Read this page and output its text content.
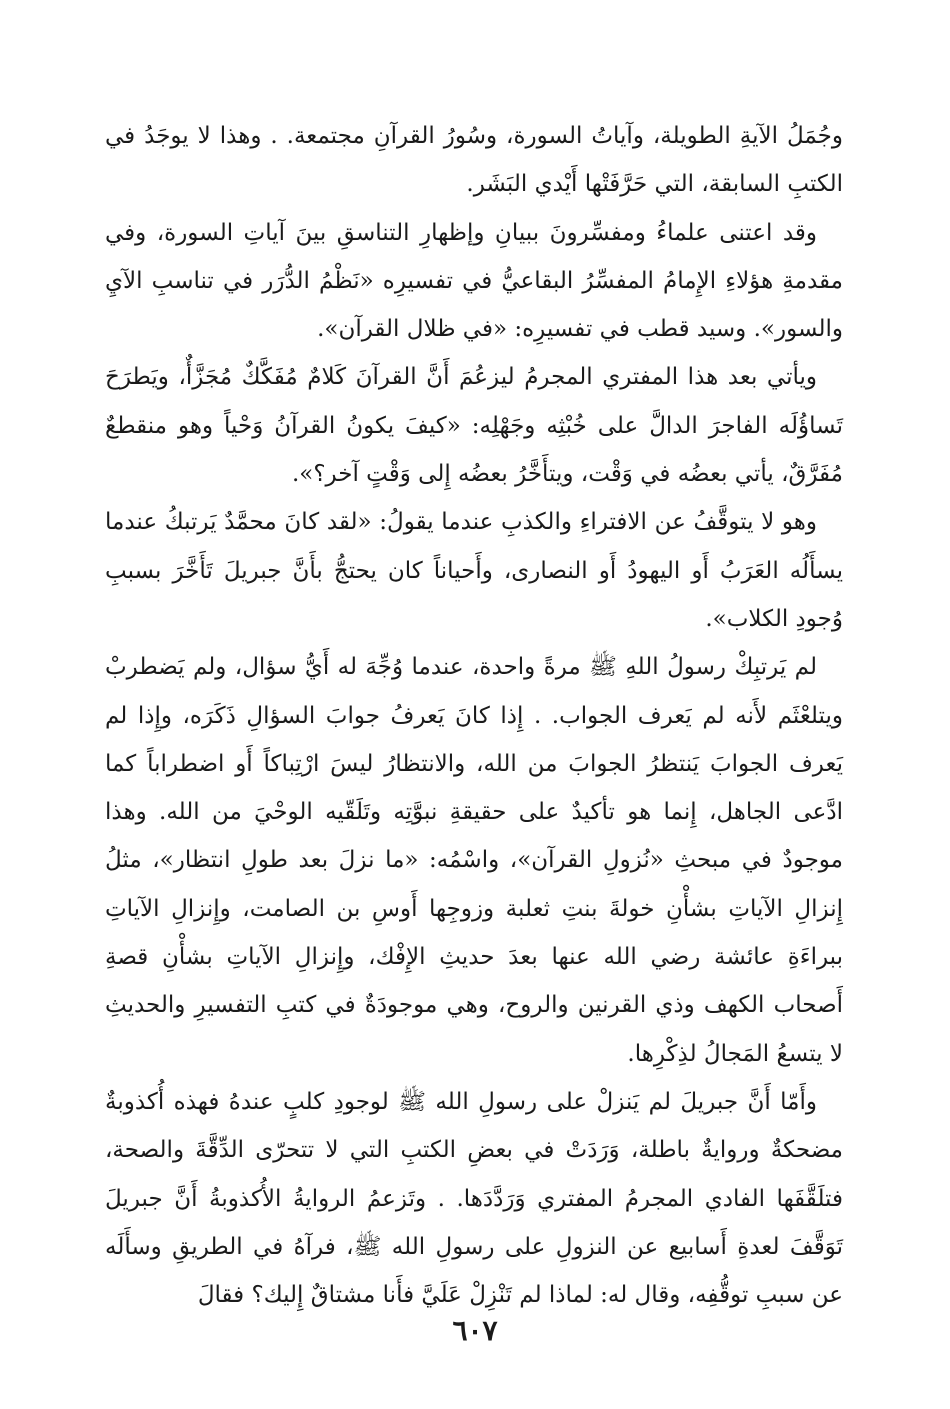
وجُمَلُ الآيةِ الطويلة، وآياتُ السورة، وسُورُ القرآنِ مجتمعة. . وهذا لا يوجَدُ في الكتبِ السابقة، التي حَرَّفَتْها أَيْدي البَشَر.

وقد اعتنى علماءُ ومفسِّرونَ ببيانِ وإظهارِ التناسقِ بينَ آياتِ السورة، وفي مقدمةِ هؤلاءِ الإِمامُ المفسِّرُ البقاعيُّ في تفسيرِه «نَظْمُ الدُّرَر في تناسبِ الآيِ والسور». وسيد قطب في تفسيرِه: «في ظلال القرآن».

ويأتي بعد هذا المفتري المجرمُ ليزعُمَ أَنَّ القرآنَ كَلامٌ مُفَكَّكٌ مُجَزَّأٌ، ويَطرَحَ تَساؤُلَه الفاجرَ الدالَّ على خُبْثِه وجَهْلِه: «كيفَ يكونُ القرآنُ وَحْياً وهو منقطعٌ مُفَرَّقٌ، يأتي بعضُه في وَقْت، ويتأَخَّرُ بعضُه إِلى وَقْتٍ آخر؟».

وهو لا يتوقَّفُ عن الافتراءِ والكذبِ عندما يقولُ: «لقد كانَ محمَّدٌ يَرتبكُ عندما يسأَلُه العَرَبُ أَو اليهودُ أَو النصارى، وأَحياناً كان يحتجُّ بأَنَّ جبريلَ تَأَخَّرَ بسببِ وُجودِ الكلاب».

لم يَرتبِكْ رسولُ اللهِ ﷺ مرةً واحدة، عندما وُجِّهَ له أَيُّ سؤال، ولم يَضطربْ ويتلعْثَم لأَنه لم يَعرف الجواب. . إِذا كانَ يَعرفُ جوابَ السؤالِ ذَكَرَه، وإِذا لم يَعرف الجوابَ يَنتظرُ الجوابَ من الله، والانتظارُ ليسَ ارْتِباكاً أَو اضطراباً كما ادَّعى الجاهل، إِنما هو تأكيدٌ على حقيقةِ نبوَّتِه وتَلَقّيه الوحْيَ من الله. وهذا موجودٌ في مبحثِ «نُزولِ القرآن»، واسْمُه: «ما نزلَ بعد طولِ انتظار»، مثلُ إِنزالِ الآياتِ بشأْنِ خولةَ بنتِ ثعلبة وزوجِها أَوسِ بن الصامت، وإِنزالِ الآياتِ ببراءَةِ عائشة رضي الله عنها بعدَ حديثِ الإِفْك، وإِنزالِ الآياتِ بشأْنِ قصةِ أَصحاب الكهف وذي القرنين والروح، وهي موجودَةٌ في كتبِ التفسيرِ والحديثِ لا يتسعُ المَجالُ لذِكْرِها.

وأَمّا أَنَّ جبريلَ لم يَنزلْ على رسولِ الله ﷺ لوجودِ كلبٍ عندهُ فهذه أُكذوبةٌ مضحكةٌ وروايةٌ باطلة، وَرَدَتْ في بعضِ الكتبِ التي لا تتحرّى الدِّقَّةَ والصحة، فتلَقَّفَها الفادي المجرمُ المفتري وَرَدَّدَها. . وتَزعمُ الروايةُ الأُكذوبةُ أَنَّ جبريلَ تَوَقَّفَ لعدةِ أَسابيع عن النزولِ على رسولِ الله ﷺ، فرآهُ في الطريقِ وسأَلَه عن سببِ توقُّفِه، وقال له: لماذا لم تَنْزِلْ عَلَيَّ فأَنا مشتاقٌ إِليك؟ فقالَ

٦٠٧
